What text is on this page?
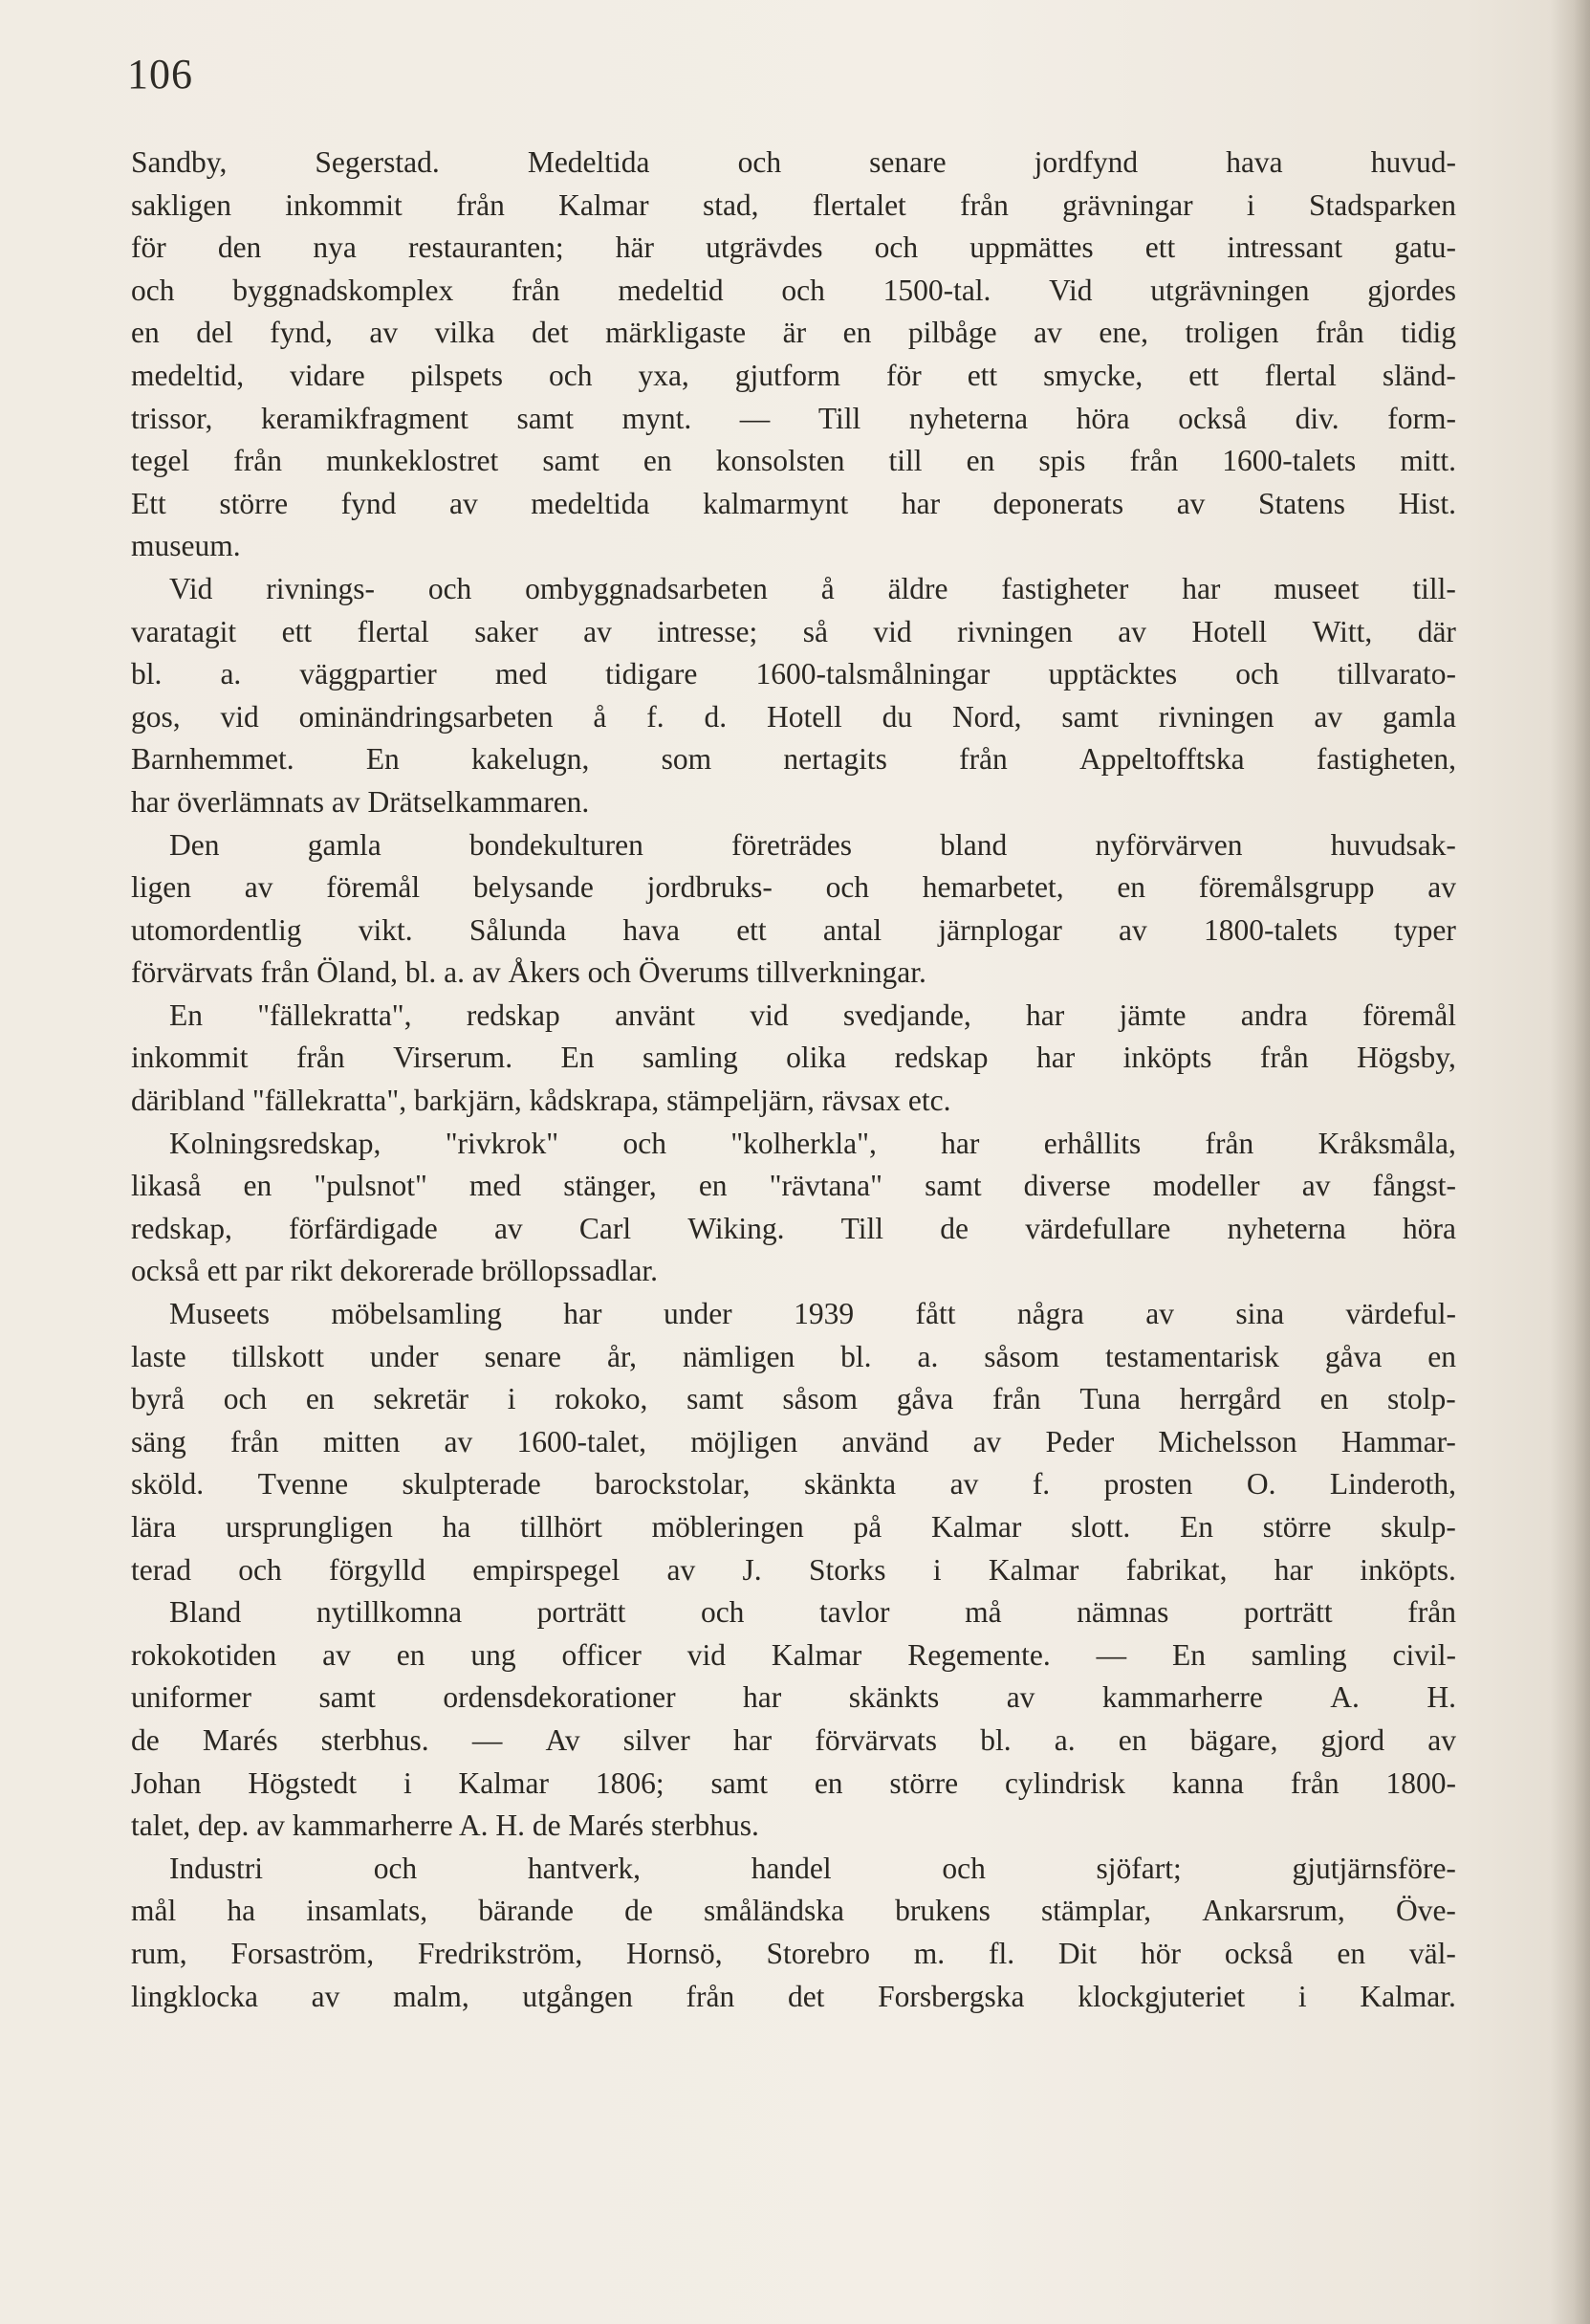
106
Sandby,	Segerstad.	Medeltida	och	senare	jordfynd	hava	huvud-
sakligen inkommit från Kalmar stad, flertalet från grävningar i Stadsparken
för den nya restauranten; här utgrävdes och uppmättes ett intressant gatu-
och byggnadskomplex från medeltid och 1500-tal. Vid utgrävningen gjordes
en del fynd, av vilka det märkligaste är en pilbåge av ene, troligen från tidig
medeltid, vidare pilspets och yxa, gjutform för ett smycke, ett flertal sländ-
trissor, keramikfragment samt mynt. — Till nyheterna höra också div. form-
tegel från munkeklostret samt en konsolsten till en spis från 1600-talets mitt.
Ett större fynd av medeltida kalmarmynt har deponerats av Statens Hist.
museum.
Vid rivnings- och ombyggnadsarbeten å äldre fastigheter har museet till-
varatagit ett flertal saker av intresse; så vid rivningen av Hotell Witt, där
bl. a. väggpartier med tidigare 1600-talsmålningar upptäcktes och tillvarato-
gos, vid ominändringsarbeten å f. d. Hotell du Nord, samt rivningen av gamla
Barnhemmet. En kakelugn, som nertagits från Appeltofftska fastigheten,
har överlämnats av Drätselkammaren.
Den	gamla	bondekulturen	företrädes	bland	nyförvärven	huvudsak-
ligen av föremål belysande jordbruks- och hemarbetet, en föremålsgrupp av
utomordentlig vikt. Sålunda hava ett antal järnplogar av 1800-talets typer
förvärvats från Öland, bl. a. av Åkers och Överums tillverkningar.
En "fällekratta", redskap använt vid svedjande, har jämte andra föremål
inkommit från Virserum. En samling olika redskap har inköpts från Högsby,
däribland "fällekratta", barkjärn, kådskrapa, stämpeljärn, rävsax etc.
Kolningsredskap, "rivkrok" och "kolherkla", har erhållits från Kråksmåla,
likaså en "pulsnot" med stänger, en "rävtana" samt diverse modeller av fångst-
redskap, förfärdigade av Carl Wiking. Till de värdefullare nyheterna höra
också ett par rikt dekorerade bröllopssadlar.
Museets möbelsamling har under 1939 fått några av sina värdeful-
laste tillskott under senare år, nämligen bl. a. såsom testamentarisk gåva en
byrå och en sekretär i rokoko, samt såsom gåva från Tuna herrgård en stolp-
säng från mitten av 1600-talet, möjligen använd av Peder Michelsson Hammar-
sköld. Tvenne skulpterade barockstolar, skänkta av f. prosten O. Linderoth,
lära ursprungligen ha tillhört möbleringen på Kalmar slott. En större skulp-
terad och förgylld empirspegel av J. Storks i Kalmar fabrikat, har inköpts.
Bland nytillkomna porträtt och tavlor må nämnas porträtt från
rokokotiden av en ung officer vid Kalmar Regemente. — En samling civil-
uniformer samt ordensdekorationer har skänkts av kammarherre A. H.
de Marés sterbhus. — Av silver har förvärvats bl. a. en bägare, gjord av
Johan Högstedt i Kalmar 1806; samt en större cylindrisk kanna från 1800-
talet, dep. av kammarherre A. H. de Marés sterbhus.
Industri	och	hantverk,	handel	och	sjöfart;	gjutjärnsföre-
mål ha insamlats, bärande de småländska brukens stämplar, Ankarsrum, Öve-
rum, Forsaström, Fredrikström, Hornsö, Storebro m. fl. Dit hör också en väl-
lingklocka av malm, utgången från det Forsbergska klockgjuteriet i Kalmar.
